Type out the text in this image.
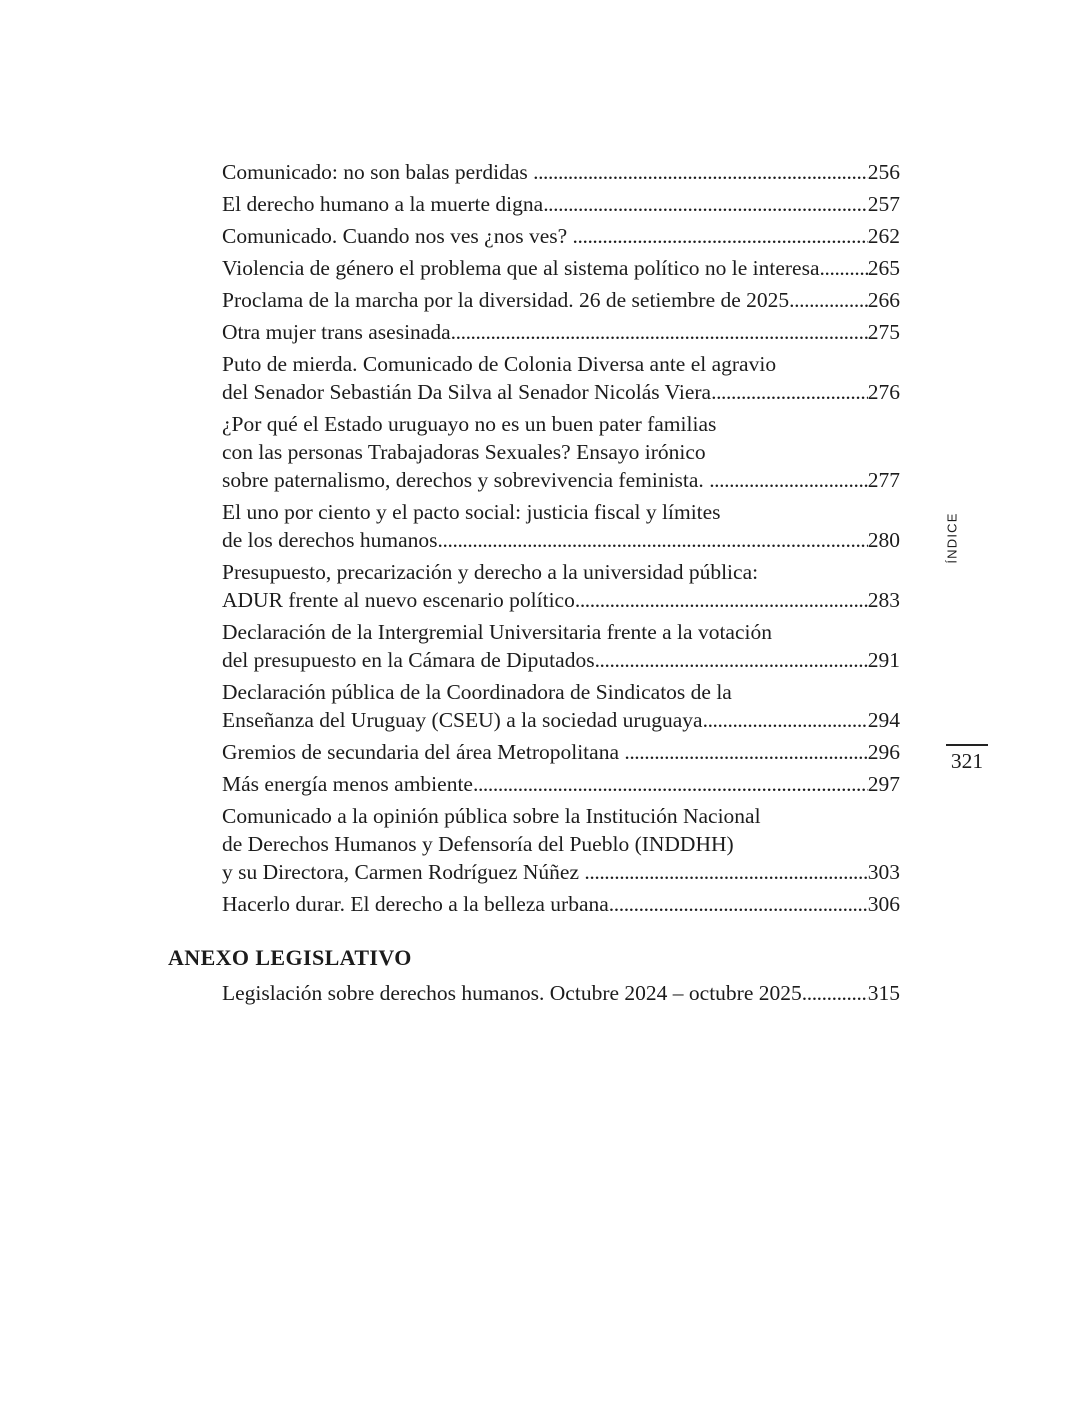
Comunicado: no son balas perdidas .....	256
El derecho humano a la muerte digna .....	257
Comunicado. Cuando nos ves ¿nos ves? .....	262
Violencia de género el problema que al sistema político no le interesa ..... 265
Proclama de la marcha por la diversidad. 26 de setiembre de 2025 .....	266
Otra mujer trans asesinada .....	275
Puto de mierda. Comunicado de Colonia Diversa ante el agravio
del Senador Sebastián Da Silva al Senador Nicolás Viera .....	276
¿Por qué el Estado uruguayo no es un buen pater familias
con las personas Trabajadoras Sexuales? Ensayo irónico
sobre paternalismo, derechos y sobrevivencia feminista. .....	277
El uno por ciento y el pacto social: justicia fiscal y límites
de los derechos humanos .....	280
Presupuesto, precarización y derecho a la universidad pública:
ADUR frente al nuevo escenario político .....	283
Declaración de la Intergremial Universitaria frente a la votación
del presupuesto en la Cámara de Diputados .....	291
Declaración pública de la Coordinadora de Sindicatos de la
Enseñanza del Uruguay (CSEU) a la sociedad uruguaya .....	294
Gremios de secundaria del área Metropolitana .....	296
Más energía menos ambiente .....	297
Comunicado a la opinión pública sobre la Institución Nacional
de Derechos Humanos y Defensoría del Pueblo (INDDHH)
y su Directora, Carmen Rodríguez Núñez .....	303
Hacerlo durar. El derecho a la belleza urbana .....	306
ANEXO LEGISLATIVO
Legislación sobre derechos humanos. Octubre 2024 – octubre 2025 .....	315
ÍNDICE
321
